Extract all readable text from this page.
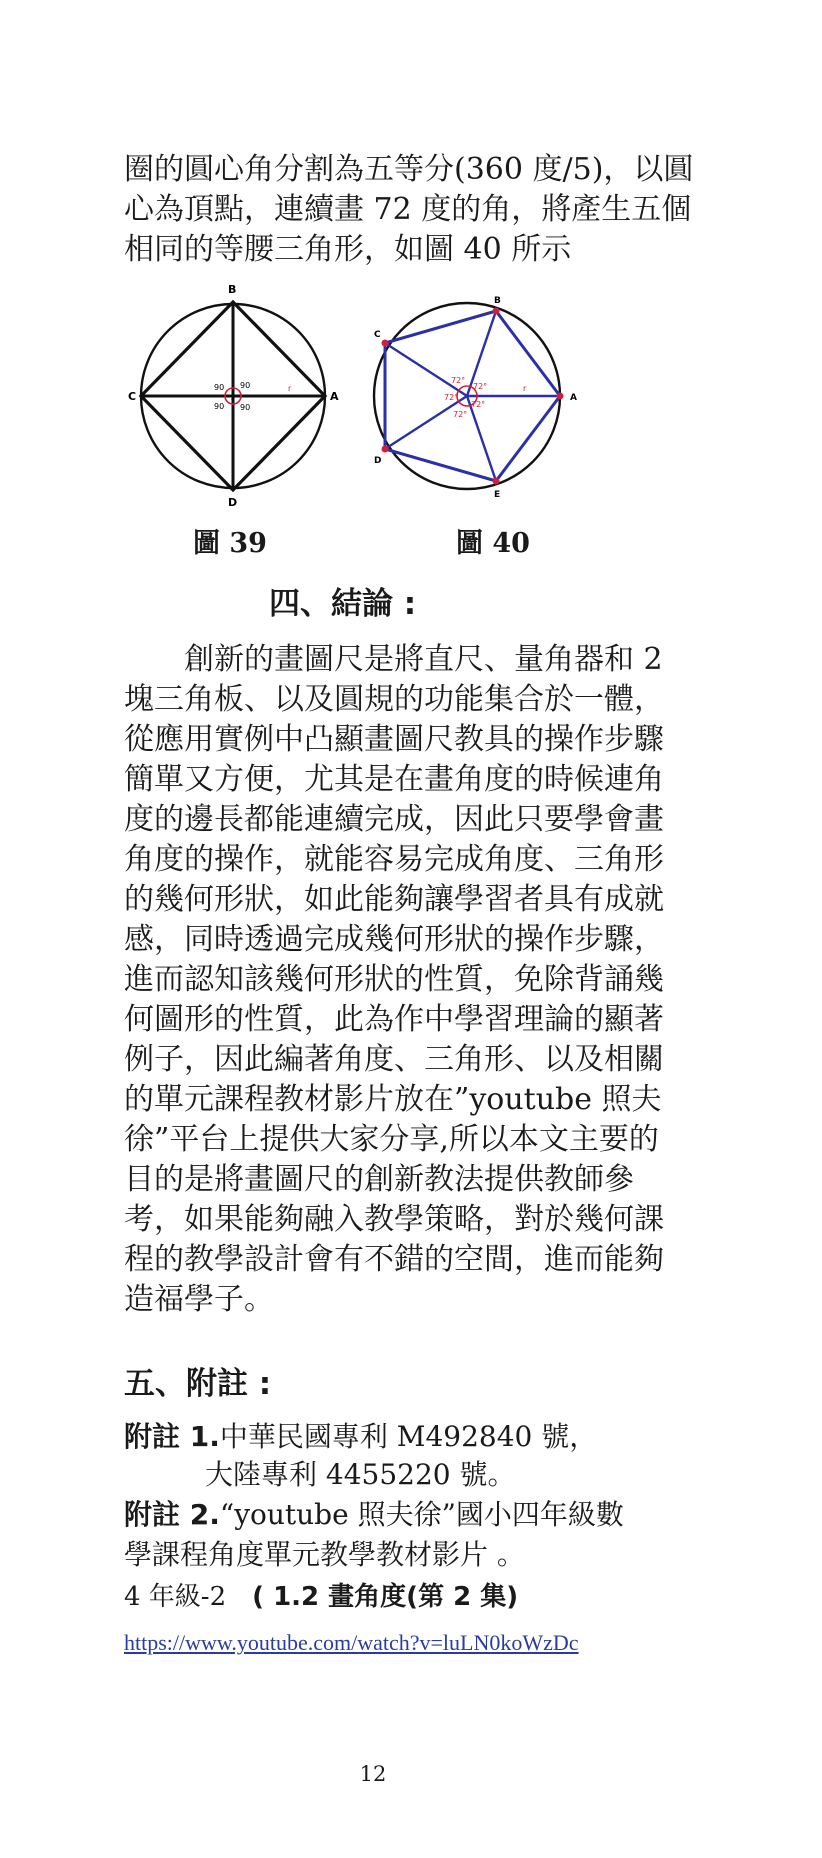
圈的圓心角分割為五等分(360 度/5)，以圓
心為頂點，連續畫 72 度的角，將產生五個
相同的等腰三角形，如圖 40 所示
B
C	A
D
90 90
90 90
o
r
B
C
A
D
E
72°
72°
72°
72°
72°
r
圖 39	圖 40
四、結論 :
　　創新的畫圖尺是將直尺、量角器和 2
塊三角板、以及圓規的功能集合於一體，
從應用實例中凸顯畫圖尺教具的操作步驟
簡單又方便，尤其是在畫角度的時候連角
度的邊長都能連續完成，因此只要學會畫
角度的操作，就能容易完成角度、三角形
的幾何形狀，如此能夠讓學習者具有成就
感，同時透過完成幾何形狀的操作步驟，
進而認知該幾何形狀的性質，免除背誦幾
何圖形的性質，此為作中學習理論的顯著
例子，因此編著角度、三角形、以及相關
的單元課程教材影片放在”youtube 照夫
徐”平台上提供大家分享,所以本文主要的
目的是將畫圖尺的創新教法提供教師參
考，如果能夠融入教學策略，對於幾何課
程的教學設計會有不錯的空間，進而能夠
造福學子。
五、附註 :
附註 1.中華民國專利 M492840 號，
大陸專利 4455220 號。
附註 2.“youtube 照夫徐”國小四年級數
學課程角度單元教學教材影片 。
4 年級-2　( 1.2 畫角度(第 2 集)
https://www.youtube.com/watch?v=luLN0koWzDc
12
